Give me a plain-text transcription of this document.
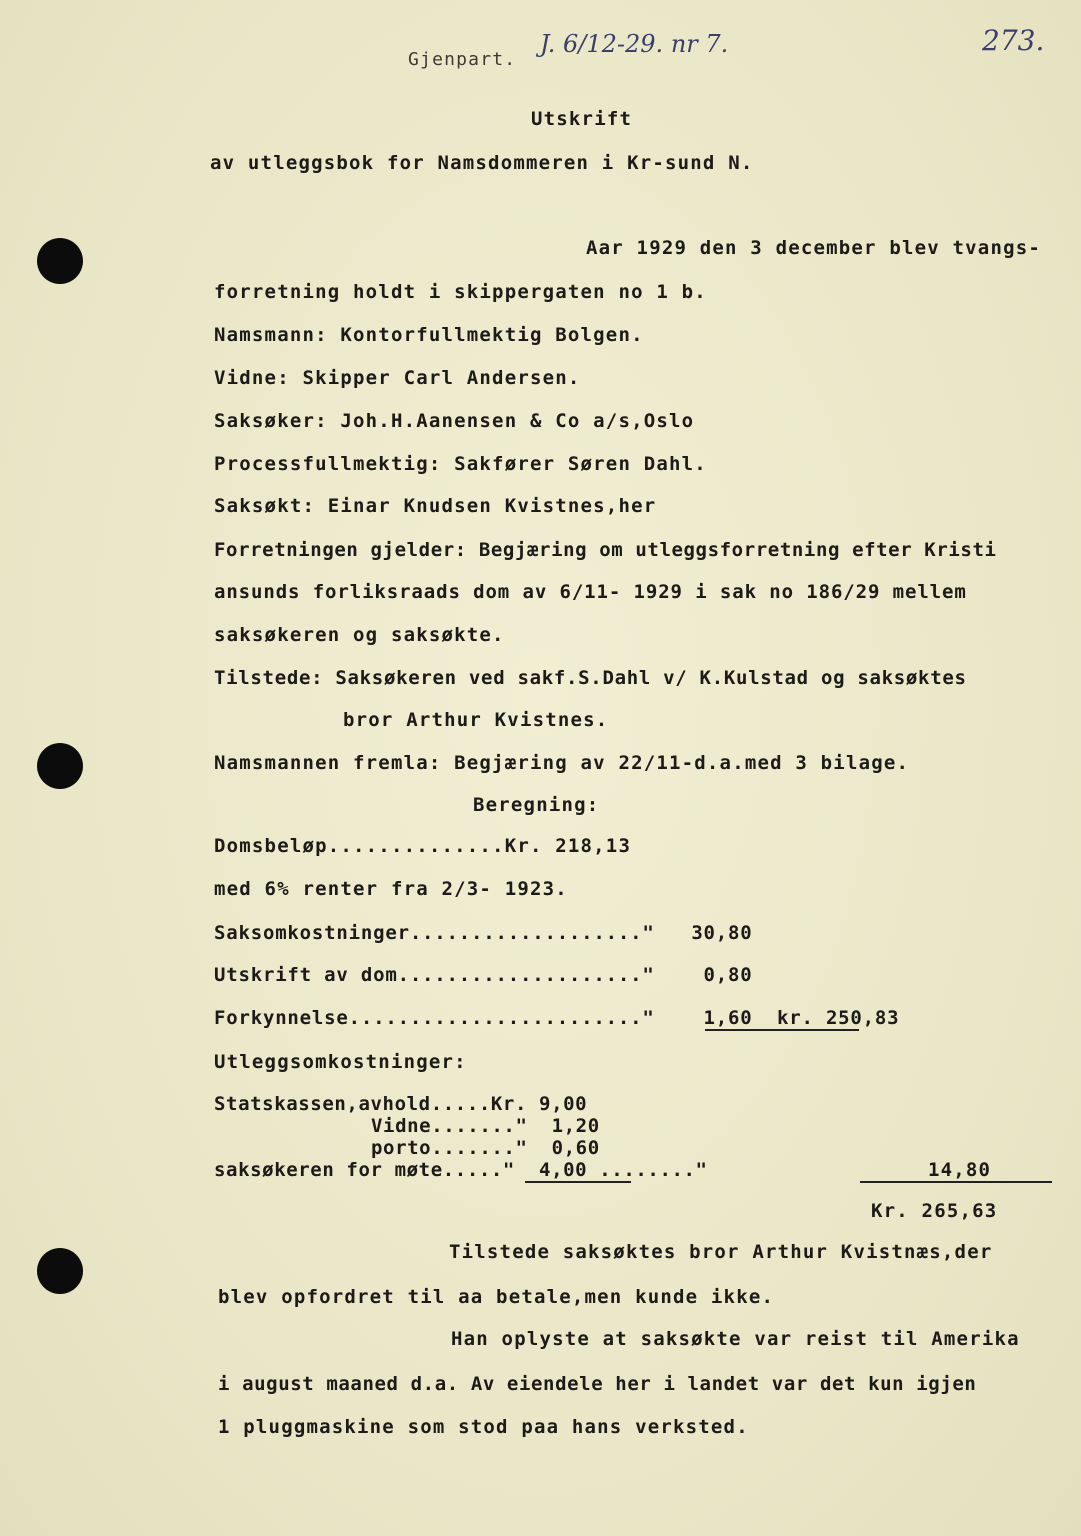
Gjenpart.
J. 6/12-29. nr 7.	273.
Utskrift
av utleggsbok for Namsdommeren i Kr-sund N.
Aar 1929 den 3 december blev tvangs-
forretning holdt i skippergaten no 1 b.
Namsmann: Kontorfullmektig Bolgen.
Vidne: Skipper Carl Andersen.
Saksøker: Joh.H.Aanensen & Co a/s,Oslo
Processfullmektig: Sakfører Søren Dahl.
Saksøkt: Einar Knudsen Kvistnes,her
Forretningen gjelder: Begjæring om utleggsforretning efter Kristi
ansunds forliksraads dom av 6/11- 1929 i sak no 186/29 mellem
saksøkeren og saksøkte.
Tilstede: Saksøkeren ved sakf.S.Dahl v/ K.Kulstad og saksøktes
bror Arthur Kvistnes.
Namsmannen fremla: Begjæring av 22/11-d.a.med 3 bilage.
Beregning:
Domsbeløp..............Kr. 218,13
med 6% renter fra 2/3- 1923.
Saksomkostninger..................."   30,80
Utskrift av dom...................."    0,80
Forkynnelse........................"    1,60  kr. 250,83
Utleggsomkostninger:
Statskassen,avhold.....Kr. 9,00
Vidne......."  1,20
porto......."  0,60
saksøkeren for møte....."  4,00 ........"	14,80
Kr. 265,63
Tilstede saksøktes bror Arthur Kvistnæs,der
blev opfordret til aa betale,men kunde ikke.
Han oplyste at saksøkte var reist til Amerika
i august maaned d.a. Av eiendele her i landet var det kun igjen
1 pluggmaskine som stod paa hans verksted.
